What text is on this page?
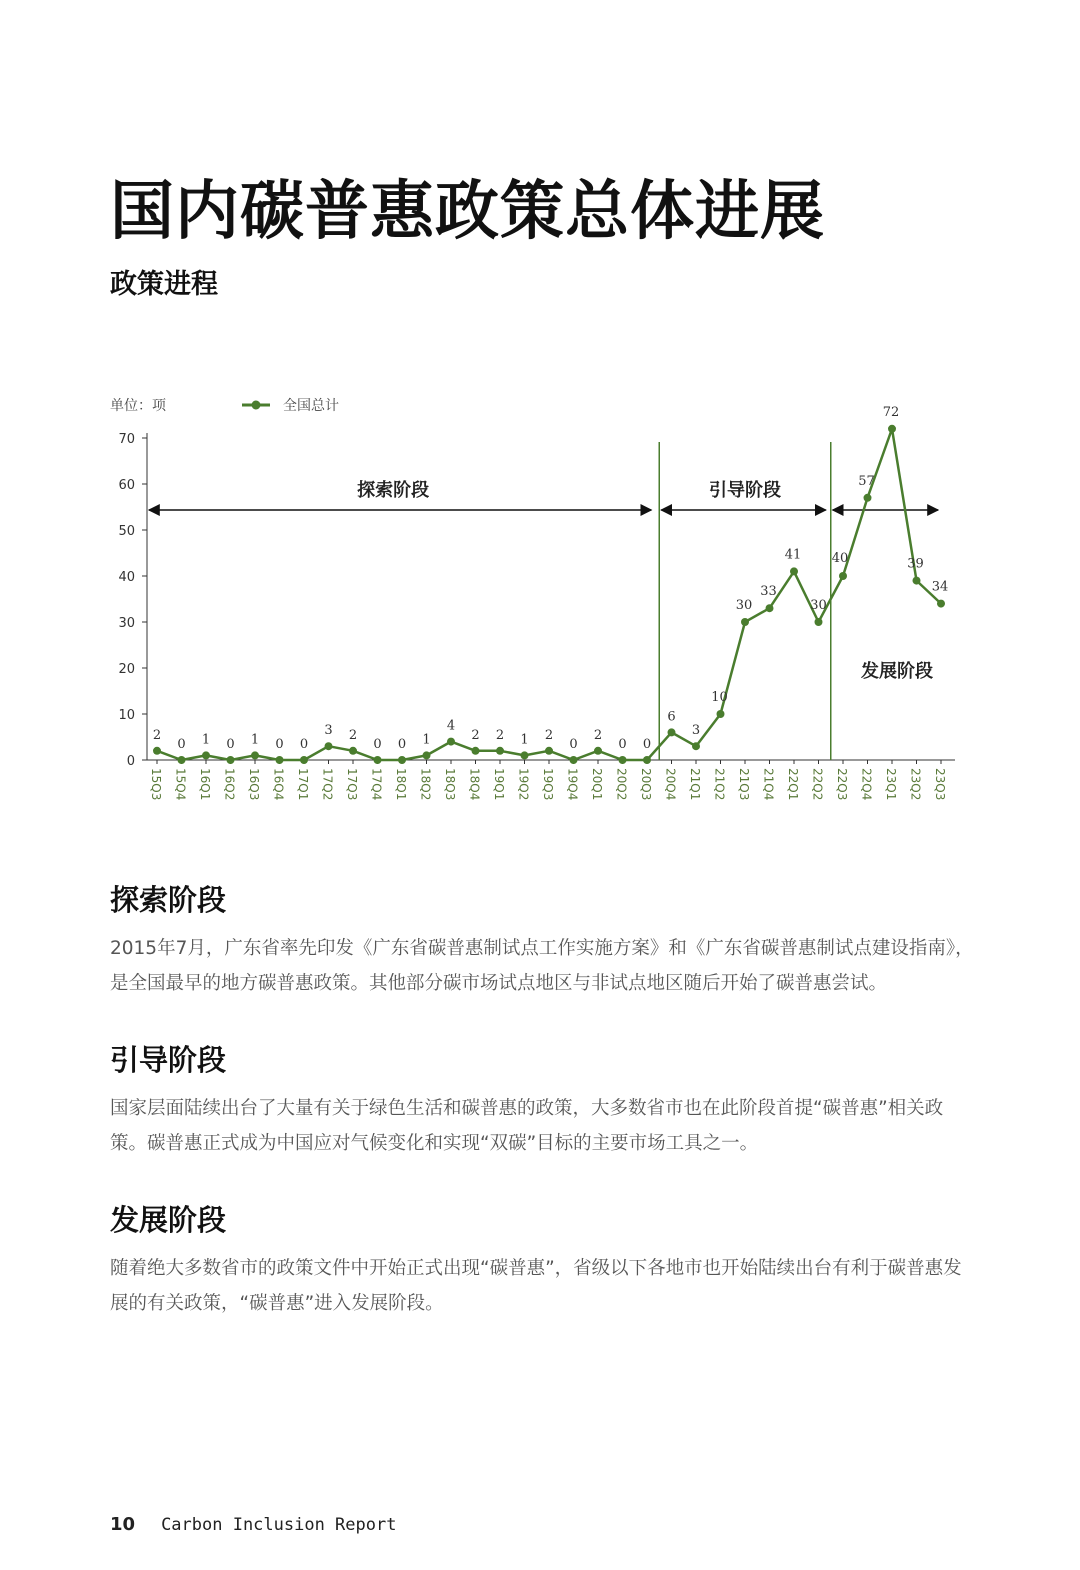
国内碳普惠政策总体进展
政策进程
单位：项	全国总计
0
10
20
30
40
50
60
70
15Q3 15Q4 16Q1 16Q2 16Q3 16Q4 17Q1 17Q2 17Q3 17Q4 18Q1 18Q2 18Q3 18Q4 19Q1 19Q2 19Q3 19Q4 20Q1 20Q2 20Q3 20Q4 21Q1 21Q2 21Q3 21Q4 22Q1 22Q2 22Q3 22Q4 23Q1 23Q2 23Q3
探索阶段	引导阶段
发展阶段
2
0 1 0 1 0 0
3 2
0 0 1
4
2 2 1 2
0
2
0 0
6
3
10
30
33
41
30
40
57
72
39
34
探索阶段
2015年7月，广东省率先印发《广东省碳普惠制试点工作实施方案》和《广东省碳普惠制试点建设指南》，是全国最早的地方碳普惠政策。其他部分碳市场试点地区与非试点地区随后开始了碳普惠尝试。
引导阶段
国家层面陆续出台了大量有关于绿色生活和碳普惠的政策，大多数省市也在此阶段首提“碳普惠”相关政策。碳普惠正式成为中国应对气候变化和实现“双碳”目标的主要市场工具之一。
发展阶段
随着绝大多数省市的政策文件中开始正式出现“碳普惠”，省级以下各地市也开始陆续出台有利于碳普惠发展的有关政策，“碳普惠”进入发展阶段。
10 Carbon Inclusion Report
